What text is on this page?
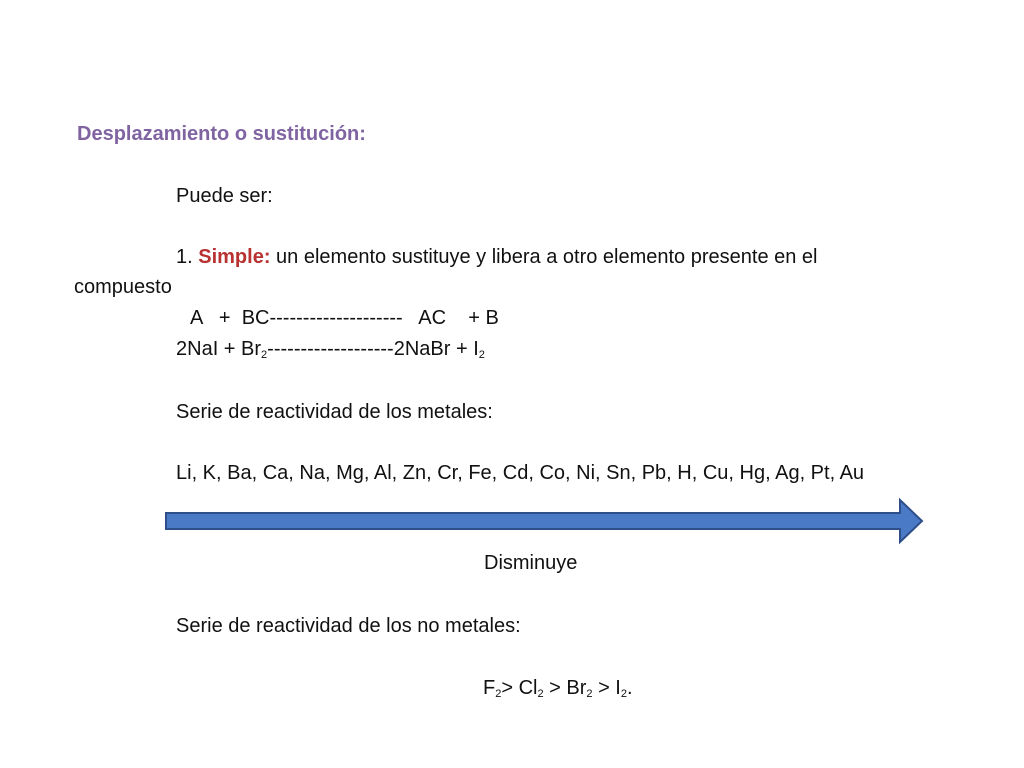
Desplazamiento o sustitución:
Puede ser:
1. Simple: un elemento sustituye y libera a otro elemento presente en el
compuesto
A   +  BC--------------------   AC    + B
$2NaI + Br_2-------------------2NaBr + I_2$
Serie de reactividad de los metales:
Li, K, Ba, Ca, Na, Mg, Al, Zn, Cr, Fe, Cd, Co, Ni, Sn, Pb, H, Cu, Hg, Ag, Pt, Au
Disminuye
Serie de reactividad de los no metales:
$F_2> Cl_2 > Br_2 > I_2$.
